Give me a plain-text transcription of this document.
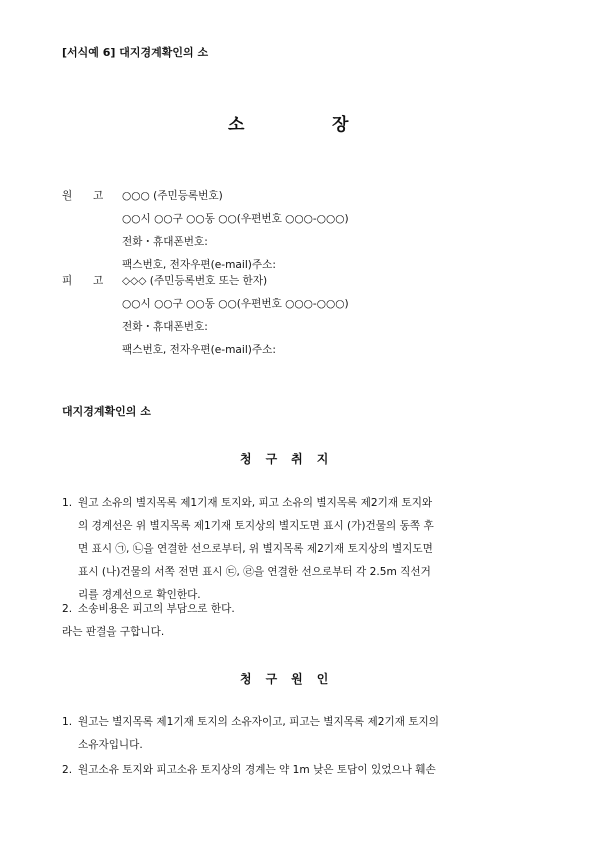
[서식예 6] 대지경계확인의 소
소	장
원 고 ○○○ (주민등록번호)
○○시 ○○구 ○○동 ○○(우편번호 ○○○-○○○)
전화・휴대폰번호:
팩스번호, 전자우편(e-mail)주소:
피 고 ◇◇◇ (주민등록번호 또는 한자)
○○시 ○○구 ○○동 ○○(우편번호 ○○○-○○○)
전화・휴대폰번호:
팩스번호, 전자우편(e-mail)주소:
대지경계확인의 소
청구취지
1. 원고 소유의 별지목록 제1기재 토지와, 피고 소유의 별지목록 제2기재 토지와
의 경계선은 위 별지목록 제1기재 토지상의 별지도면 표시 (가)건물의 동쪽 후
면 표시 ㉠, ㉡을 연결한 선으로부터, 위 별지목록 제2기재 토지상의 별지도면
표시 (나)건물의 서쪽 전면 표시 ㉢, ㉣을 연결한 선으로부터 각 2.5m 직선거
리를 경계선으로 확인한다.
2. 소송비용은 피고의 부담으로 한다.
라는 판결을 구합니다.
청구원인
1. 원고는 별지목록 제1기재 토지의 소유자이고, 피고는 별지목록 제2기재 토지의
소유자입니다.
2. 원고소유 토지와 피고소유 토지상의 경계는 약 1m 낮은 토담이 있었으나 훼손
